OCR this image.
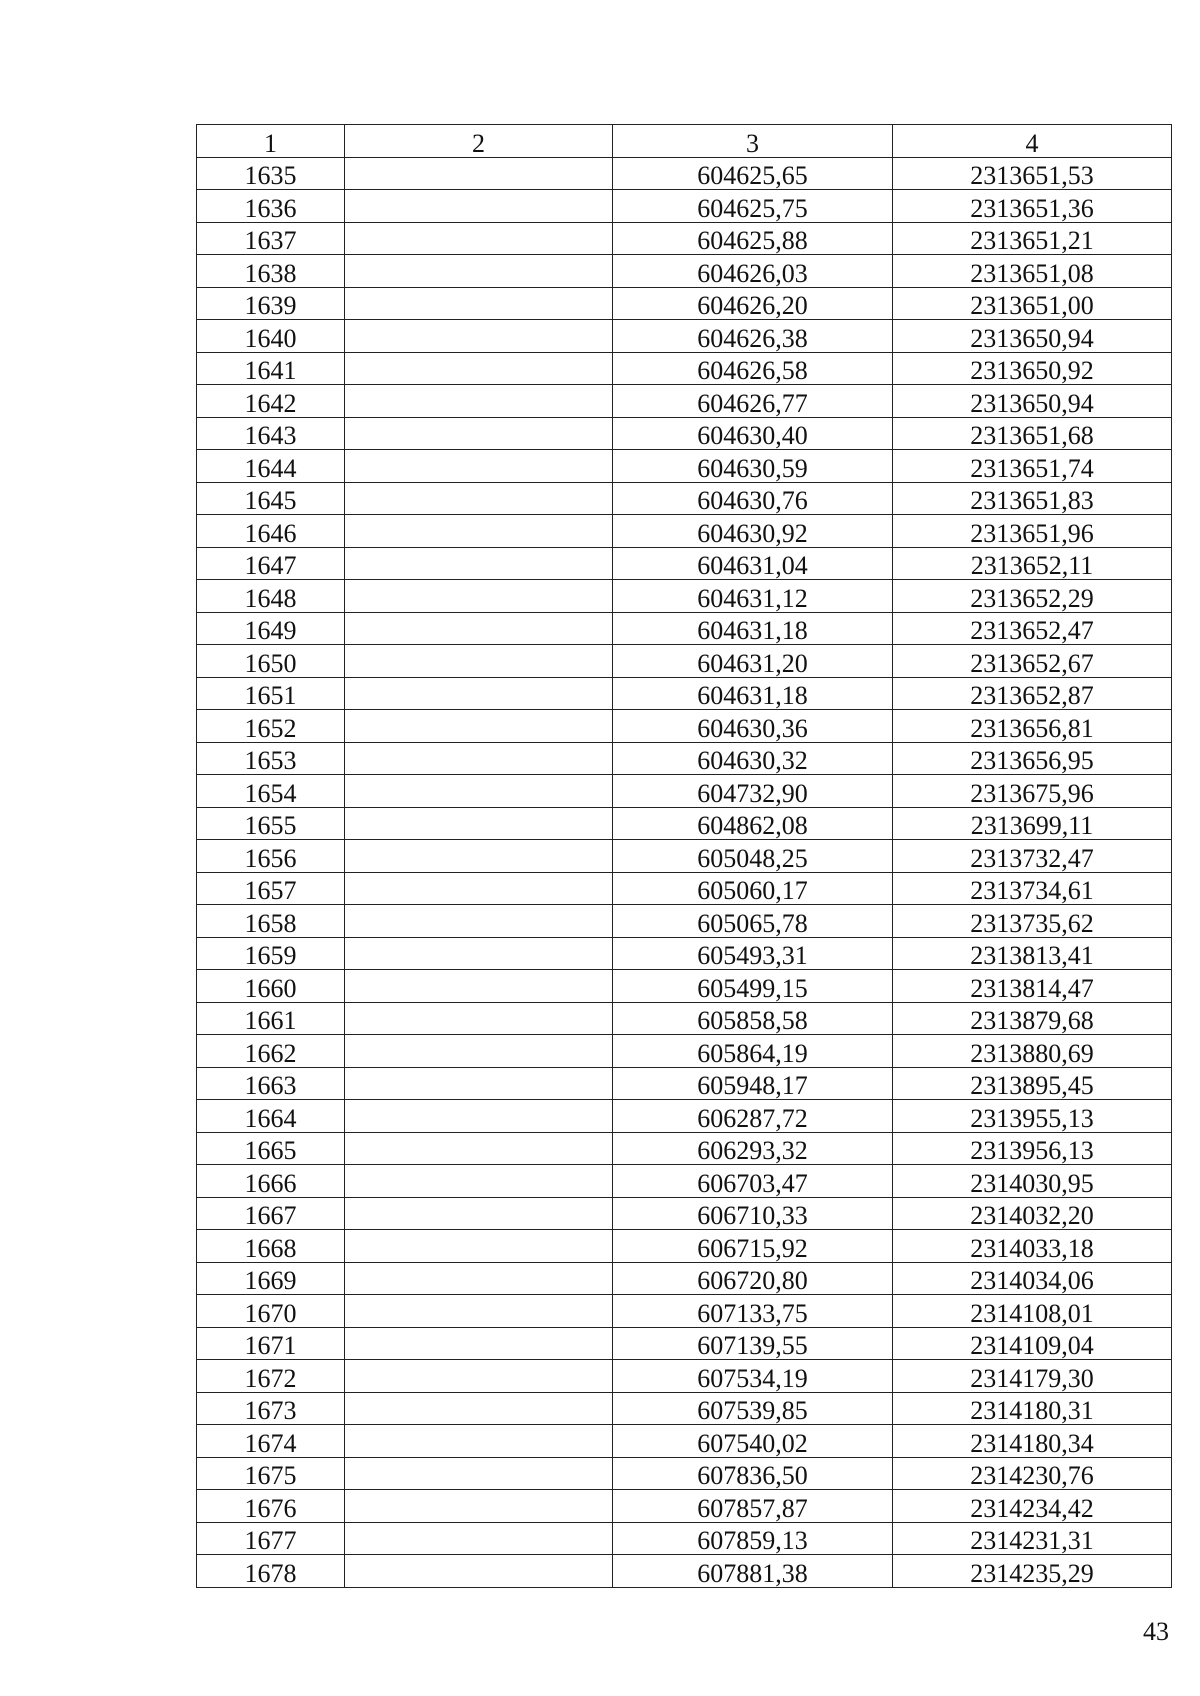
1	2	3	4
1635		604625,65	2313651,53
1636		604625,75	2313651,36
1637		604625,88	2313651,21
1638		604626,03	2313651,08
1639		604626,20	2313651,00
1640		604626,38	2313650,94
1641		604626,58	2313650,92
1642		604626,77	2313650,94
1643		604630,40	2313651,68
1644		604630,59	2313651,74
1645		604630,76	2313651,83
1646		604630,92	2313651,96
1647		604631,04	2313652,11
1648		604631,12	2313652,29
1649		604631,18	2313652,47
1650		604631,20	2313652,67
1651		604631,18	2313652,87
1652		604630,36	2313656,81
1653		604630,32	2313656,95
1654		604732,90	2313675,96
1655		604862,08	2313699,11
1656		605048,25	2313732,47
1657		605060,17	2313734,61
1658		605065,78	2313735,62
1659		605493,31	2313813,41
1660		605499,15	2313814,47
1661		605858,58	2313879,68
1662		605864,19	2313880,69
1663		605948,17	2313895,45
1664		606287,72	2313955,13
1665		606293,32	2313956,13
1666		606703,47	2314030,95
1667		606710,33	2314032,20
1668		606715,92	2314033,18
1669		606720,80	2314034,06
1670		607133,75	2314108,01
1671		607139,55	2314109,04
1672		607534,19	2314179,30
1673		607539,85	2314180,31
1674		607540,02	2314180,34
1675		607836,50	2314230,76
1676		607857,87	2314234,42
1677		607859,13	2314231,31
1678		607881,38	2314235,29
43
